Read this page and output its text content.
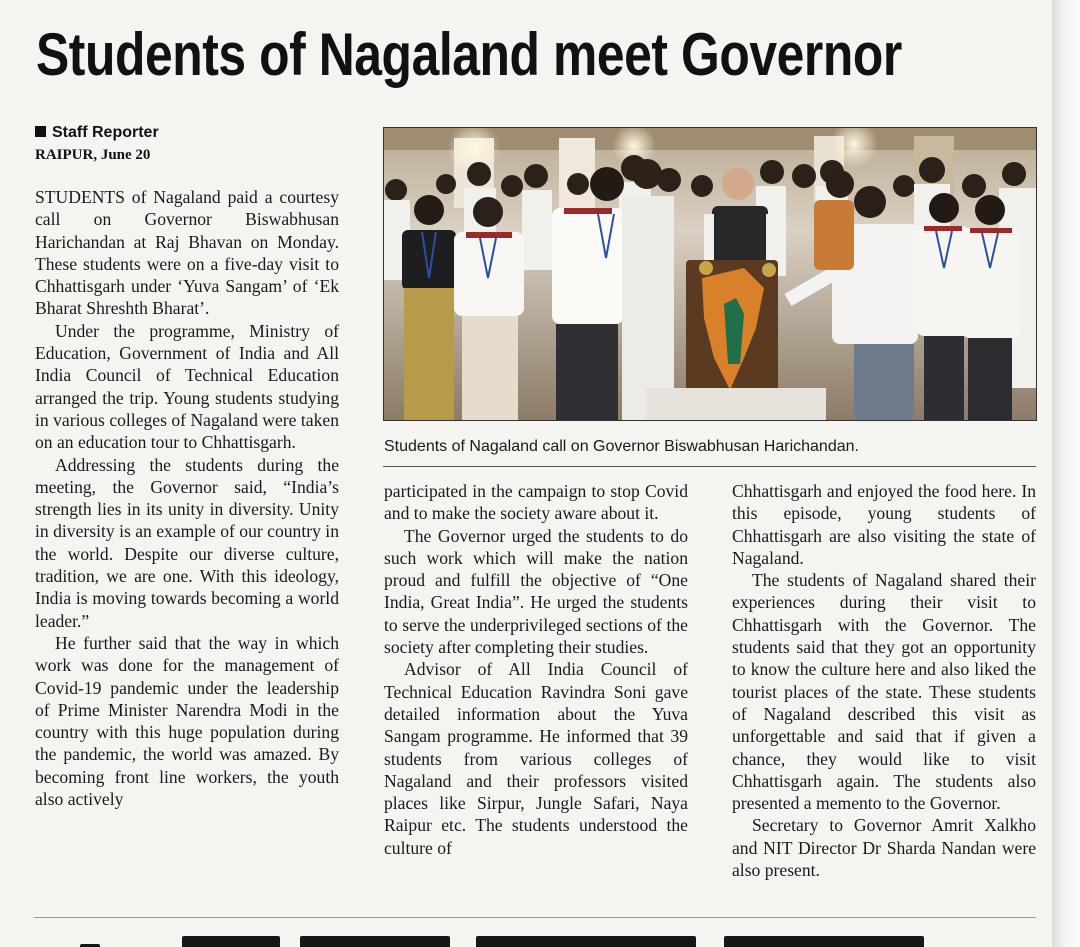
Students of Nagaland meet Governor
Staff Reporter
RAIPUR, June 20

STUDENTS of Nagaland paid a courtesy call on Governor Biswabhusan Harichandan at Raj Bhavan on Monday. These students were on a five-day visit to Chhattisgarh under ‘Yuva Sangam’ of ‘Ek Bharat Shreshth Bharat’.

Under the programme, Ministry of Education, Government of India and All India Council of Technical Education arranged the trip. Young students studying in various colleges of Nagaland were taken on an education tour to Chhattisgarh.

Addressing the students during the meeting, the Governor said, “India’s strength lies in its unity in diversity. Unity in diversity is an example of our country in the world. Despite our diverse culture, tradition, we are one. With this ideology, India is moving towards becoming a world leader.”

He further said that the way in which work was done for the management of Covid-19 pandemic under the leadership of Prime Minister Narendra Modi in the country with this huge population during the pandemic, the world was amazed. By becoming front line workers, the youth also actively

Students of Nagaland call on Governor Biswabhusan Harichandan.

participated in the campaign to stop Covid and to make the society aware about it.

The Governor urged the students to do such work which will make the nation proud and fulfill the objective of “One India, Great India”. He urged the students to serve the underprivileged sections of the society after completing their studies.

Advisor of All India Council of Technical Education Ravindra Soni gave detailed information about the Yuva Sangam programme. He informed that 39 students from various colleges of Nagaland and their professors visited places like Sirpur, Jungle Safari, Naya Raipur etc. The students understood the culture of

Chhattisgarh and enjoyed the food here. In this episode, young students of Chhattisgarh are also visiting the state of Nagaland.

The students of Nagaland shared their experiences during their visit to Chhattisgarh with the Governor. The students said that they got an opportunity to know the culture here and also liked the tourist places of the state. These students of Nagaland described this visit as unforgettable and said that if given a chance, they would like to visit Chhattisgarh again. The students also presented a memento to the Governor.

Secretary to Governor Amrit Xalkho and NIT Director Dr Sharda Nandan were also present.
